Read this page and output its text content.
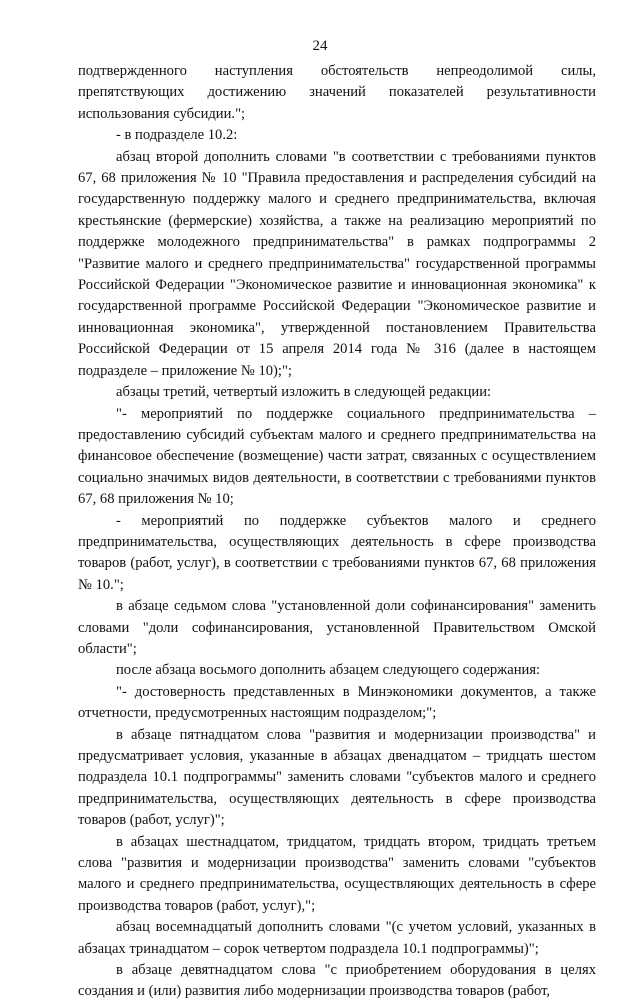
24

подтвержденного наступления обстоятельств непреодолимой силы, препятствующих достижению значений показателей результативности использования субсидии.";

- в подразделе 10.2:

абзац второй дополнить словами "в соответствии с требованиями пунктов 67, 68 приложения № 10 "Правила предоставления и распределения субсидий на государственную поддержку малого и среднего предпринимательства, включая крестьянские (фермерские) хозяйства, а также на реализацию мероприятий по поддержке молодежного предпринимательства" в рамках подпрограммы 2 "Развитие малого и среднего предпринимательства" государственной программы Российской Федерации "Экономическое развитие и инновационная экономика" к государственной программе Российской Федерации "Экономическое развитие и инновационная экономика", утвержденной постановлением Правительства Российской Федерации от 15 апреля 2014 года № 316 (далее в настоящем подразделе – приложение № 10);";

абзацы третий, четвертый изложить в следующей редакции:

"- мероприятий по поддержке социального предпринимательства – предоставлению субсидий субъектам малого и среднего предпринимательства на финансовое обеспечение (возмещение) части затрат, связанных с осуществлением социально значимых видов деятельности, в соответствии с требованиями пунктов 67, 68 приложения № 10;

- мероприятий по поддержке субъектов малого и среднего предпринимательства, осуществляющих деятельность в сфере производства товаров (работ, услуг), в соответствии с требованиями пунктов 67, 68 приложения № 10.";

в абзаце седьмом слова "установленной доли софинансирования" заменить словами "доли софинансирования, установленной Правительством Омской области";

после абзаца восьмого дополнить абзацем следующего содержания:

"- достоверность представленных в Минэкономики документов, а также отчетности, предусмотренных настоящим подразделом;";

в абзаце пятнадцатом слова "развития и модернизации производства" и предусматривает условия, указанные в абзацах двенадцатом – тридцать шестом подраздела 10.1 подпрограммы" заменить словами "субъектов малого и среднего предпринимательства, осуществляющих деятельность в сфере производства товаров (работ, услуг)";

в абзацах шестнадцатом, тридцатом, тридцать втором, тридцать третьем слова "развития и модернизации производства" заменить словами "субъектов малого и среднего предпринимательства, осуществляющих деятельность в сфере производства товаров (работ, услуг),";

абзац восемнадцатый дополнить словами "(с учетом условий, указанных в абзацах тринадцатом – сорок четвертом подраздела 10.1 подпрограммы)";

в абзаце девятнадцатом слова "с приобретением оборудования в целях создания и (или) развития либо модернизации производства товаров (работ,
